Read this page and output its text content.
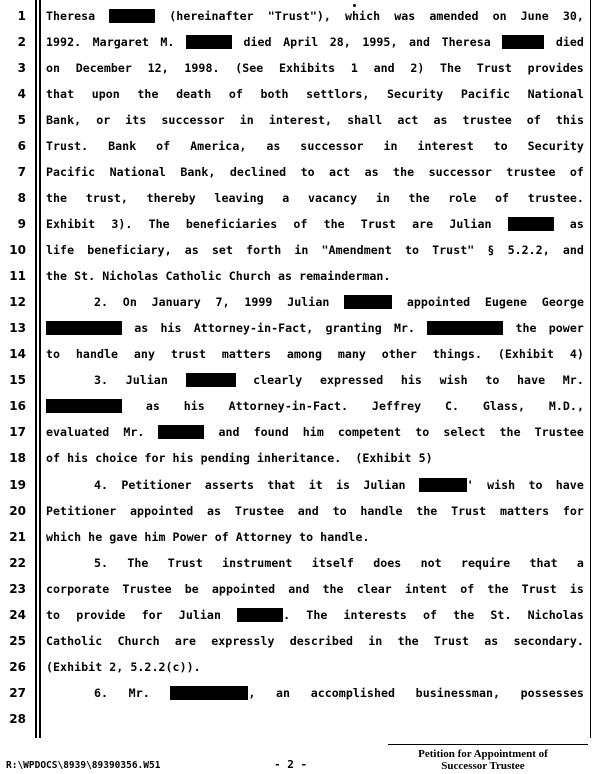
1
2
3
4
5
6
7
8
9
10
11
12
13
14
15
16
17
18
19
20
21
22
23
24
25
26
27
28
Theresa	(hereinafter "Trust"), which was amended on June 30,
1992. Margaret M.	died April 28, 1995, and Theresa	died
on December 12, 1998. (See Exhibits 1 and 2) The Trust provides
that upon the death of both settlors, Security Pacific National
Bank, or its successor in interest, shall act as trustee of this
Trust. Bank of America, as successor in interest to Security
Pacific National Bank, declined to act as the successor trustee of
the trust, thereby leaving a vacancy in the role of trustee.
Exhibit 3). The beneficiaries of the Trust are Julian	as
life beneficiary, as set forth in "Amendment to Trust" § 5.2.2, and
the St. Nicholas Catholic Church as remainderman.
2. On January 7, 1999 Julian	appointed Eugene George
as his Attorney-in-Fact, granting Mr.	the power
to handle any trust matters among many other things. (Exhibit 4)
3. Julian	clearly expressed his wish to have Mr.
as his Attorney-in-Fact. Jeffrey C. Glass, M.D.,
evaluated Mr.	and found him competent to select the Trustee
of his choice for his pending inheritance.  (Exhibit 5)
4. Petitioner asserts that it is Julian	' wish to have
Petitioner appointed as Trustee and to handle the Trust matters for
which he gave him Power of Attorney to handle.
5. The Trust instrument itself does not require that a
corporate Trustee be appointed and the clear intent of the Trust is
to provide for Julian	. The interests of the St. Nicholas
Catholic Church are expressly described in the Trust as secondary.
(Exhibit 2, 5.2.2(c)).
6. Mr.	, an accomplished businessman, possesses
R:\WPDOCS\8939\89390356.W51	- 2 -
Petition for Appointment of
Successor Trustee
